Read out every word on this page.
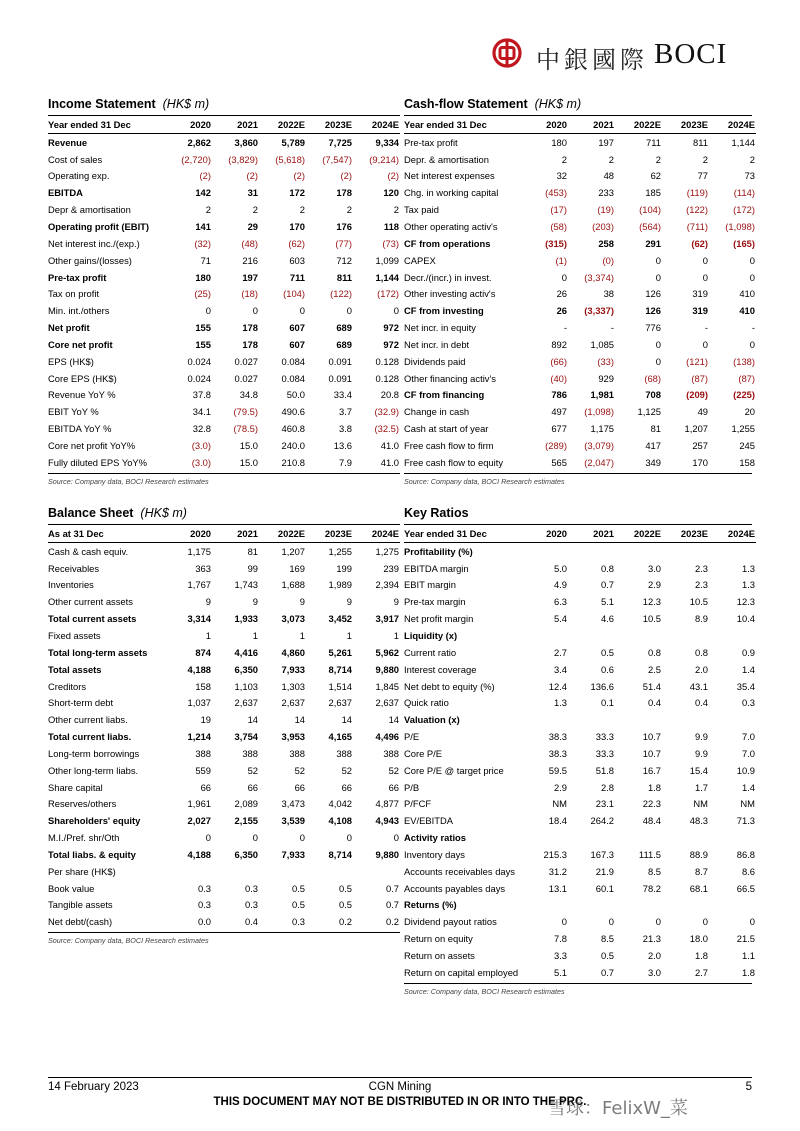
中銀國際 BOCI
Income Statement (HK$ m)
Year ended 31 Dec	2020	2021	2022E	2023E	2024E
Revenue	2,862	3,860	5,789	7,725	9,334
Cost of sales	(2,720)	(3,829)	(5,618)	(7,547)	(9,214)
Operating exp.	(2)	(2)	(2)	(2)	(2)
EBITDA	142	31	172	178	120
Depr & amortisation	2	2	2	2	2
Operating profit (EBIT)	141	29	170	176	118
Net interest inc./(exp.)	(32)	(48)	(62)	(77)	(73)
Other gains/(losses)	71	216	603	712	1,099
Pre-tax profit	180	197	711	811	1,144
Tax on profit	(25)	(18)	(104)	(122)	(172)
Min. int./others	0	0	0	0	0
Net profit	155	178	607	689	972
Core net profit	155	178	607	689	972
EPS (HK$)	0.024	0.027	0.084	0.091	0.128
Core EPS (HK$)	0.024	0.027	0.084	0.091	0.128
Revenue YoY %	37.8	34.8	50.0	33.4	20.8
EBIT YoY %	34.1	(79.5)	490.6	3.7	(32.9)
EBITDA YoY %	32.8	(78.5)	460.8	3.8	(32.5)
Core net profit YoY%	(3.0)	15.0	240.0	13.6	41.0
Fully diluted EPS YoY%	(3.0)	15.0	210.8	7.9	41.0
Source: Company data, BOCI Research estimates
Cash-flow Statement (HK$ m)
Year ended 31 Dec	2020	2021	2022E	2023E	2024E
Pre-tax profit	180	197	711	811	1,144
Depr. & amortisation	2	2	2	2	2
Net interest expenses	32	48	62	77	73
Chg. in working capital	(453)	233	185	(119)	(114)
Tax paid	(17)	(19)	(104)	(122)	(172)
Other operating activ's	(58)	(203)	(564)	(711)	(1,098)
CF from operations	(315)	258	291	(62)	(165)
CAPEX	(1)	(0)	0	0	0
Decr./(incr.) in invest.	0	(3,374)	0	0	0
Other investing activ's	26	38	126	319	410
CF from investing	26	(3,337)	126	319	410
Net incr. in equity	-	-	776	-	-
Net incr. in debt	892	1,085	0	0	0
Dividends paid	(66)	(33)	0	(121)	(138)
Other financing activ's	(40)	929	(68)	(87)	(87)
CF from financing	786	1,981	708	(209)	(225)
Change in cash	497	(1,098)	1,125	49	20
Cash at start of year	677	1,175	81	1,207	1,255
Free cash flow to firm	(289)	(3,079)	417	257	245
Free cash flow to equity	565	(2,047)	349	170	158
Source: Company data, BOCI Research estimates
Balance Sheet (HK$ m)
As at 31 Dec	2020	2021	2022E	2023E	2024E
Cash & cash equiv.	1,175	81	1,207	1,255	1,275
Receivables	363	99	169	199	239
Inventories	1,767	1,743	1,688	1,989	2,394
Other current assets	9	9	9	9	9
Total current assets	3,314	1,933	3,073	3,452	3,917
Fixed assets	1	1	1	1	1
Total long-term assets	874	4,416	4,860	5,261	5,962
Total assets	4,188	6,350	7,933	8,714	9,880
Creditors	158	1,103	1,303	1,514	1,845
Short-term debt	1,037	2,637	2,637	2,637	2,637
Other current liabs.	19	14	14	14	14
Total current liabs.	1,214	3,754	3,953	4,165	4,496
Long-term borrowings	388	388	388	388	388
Other long-term liabs.	559	52	52	52	52
Share capital	66	66	66	66	66
Reserves/others	1,961	2,089	3,473	4,042	4,877
Shareholders' equity	2,027	2,155	3,539	4,108	4,943
M.I./Pref. shr/Oth	0	0	0	0	0
Total liabs. & equity	4,188	6,350	7,933	8,714	9,880
Per share (HK$)					
Book value	0.3	0.3	0.5	0.5	0.7
Tangible assets	0.3	0.3	0.5	0.5	0.7
Net debt/(cash)	0.0	0.4	0.3	0.2	0.2
Source: Company data, BOCI Research estimates
Key Ratios
Year ended 31 Dec	2020	2021	2022E	2023E	2024E
Profitability (%)					
EBITDA margin	5.0	0.8	3.0	2.3	1.3
EBIT margin	4.9	0.7	2.9	2.3	1.3
Pre-tax margin	6.3	5.1	12.3	10.5	12.3
Net profit margin	5.4	4.6	10.5	8.9	10.4
Liquidity (x)					
Current ratio	2.7	0.5	0.8	0.8	0.9
Interest coverage	3.4	0.6	2.5	2.0	1.4
Net debt to equity (%)	12.4	136.6	51.4	43.1	35.4
Quick ratio	1.3	0.1	0.4	0.4	0.3
Valuation (x)					
P/E	38.3	33.3	10.7	9.9	7.0
Core P/E	38.3	33.3	10.7	9.9	7.0
Core P/E @ target price	59.5	51.8	16.7	15.4	10.9
P/B	2.9	2.8	1.8	1.7	1.4
P/FCF	NM	23.1	22.3	NM	NM
EV/EBITDA	18.4	264.2	48.4	48.3	71.3
Activity ratios					
Inventory days	215.3	167.3	111.5	88.9	86.8
Accounts receivables days	31.2	21.9	8.5	8.7	8.6
Accounts payables days	13.1	60.1	78.2	68.1	66.5
Returns (%)					
Dividend payout ratios	0	0	0	0	0
Return on equity	7.8	8.5	21.3	18.0	21.5
Return on assets	3.3	0.5	2.0	1.8	1.1
Return on capital employed	5.1	0.7	3.0	2.7	1.8
Source: Company data, BOCI Research estimates
14 February 2023	CGN Mining	5
THIS DOCUMENT MAY NOT BE DISTRIBUTED IN OR INTO THE PRC.
雪球：FelixW_菜
